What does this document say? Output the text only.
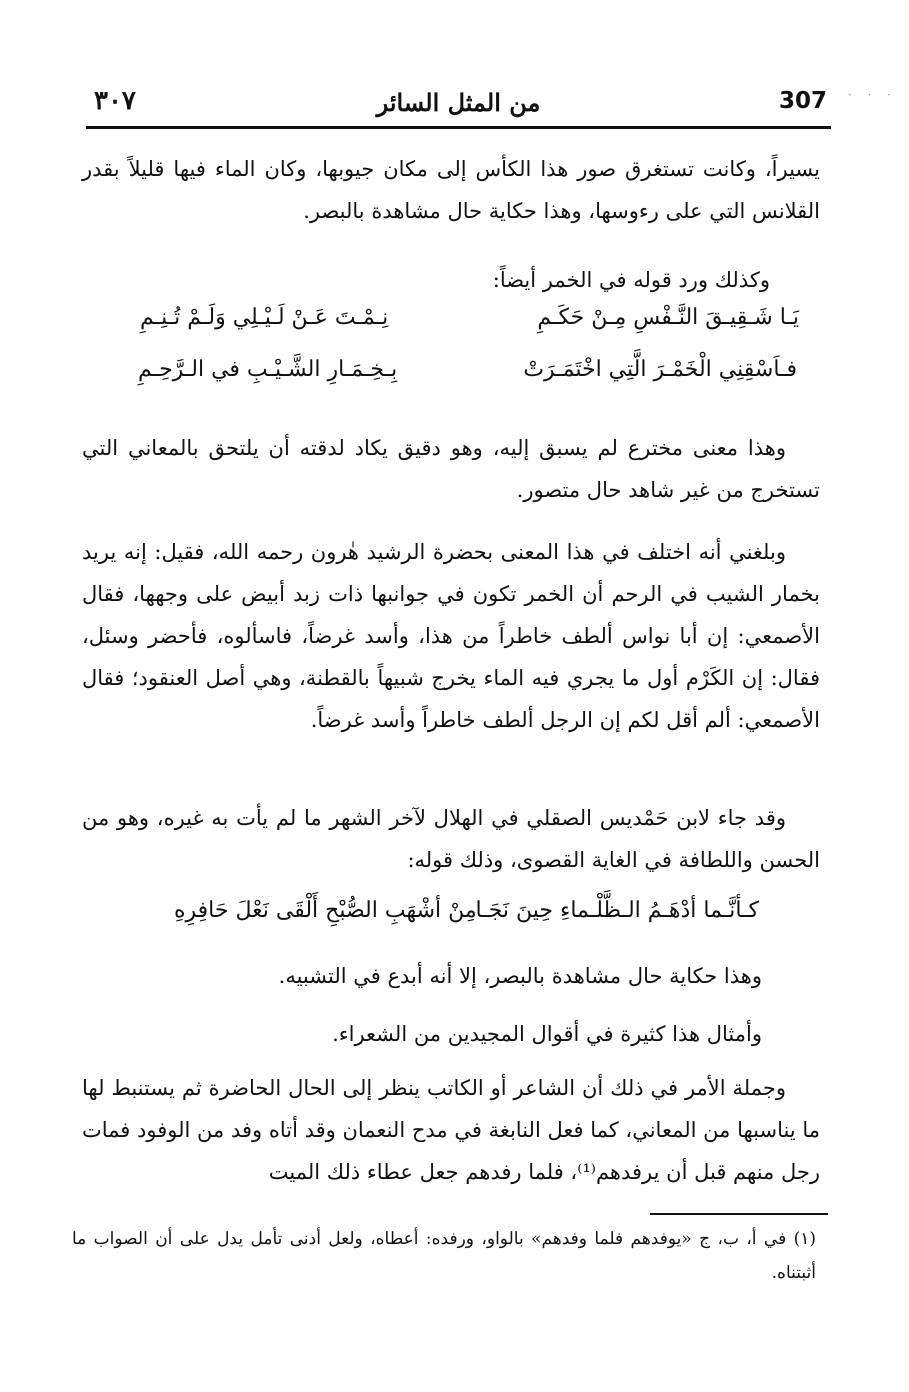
· · ·
٣٠٧	من المثل السائر	307

يسيراً، وكانت تستغرق صور هذا الكأس إلى مكان جيوبها، وكان الماء فيها قليلاً بقدر القلانس التي على رءوسها، وهذا حكاية حال مشاهدة بالبصر.

وكذلك ورد قوله في الخمر أيضاً:

يَـا شَـقِيـقَ النَّـفْسِ مِـنْ حَكَـمِ
نِـمْـتَ عَـنْ لَـيْـلِي وَلَـمْ تُـنِـمِ
فـاَسْقِنِي الْخَمْـرَ الَّتِي اخْتَمَـرَتْ
بِـخِـمَـارِ الشَّـيْـبِ في الـرَّحِـمِ

وهذا معنى مخترع لم يسبق إليه، وهو دقيق يكاد لدقته أن يلتحق بالمعاني التي تستخرج من غير شاهد حال متصور.

وبلغني أنه اختلف في هذا المعنى بحضرة الرشيد هٰرون رحمه الله، فقيل: إنه يريد بخمار الشيب في الرحم أن الخمر تكون في جوانبها ذات زبد أبيض على وجهها، فقال الأصمعي: إن أبا نواس ألطف خاطراً من هذا، وأسد غرضاً، فاسألوه، فأحضر وسئل، فقال: إن الكَرْم أول ما يجري فيه الماء يخرج شبيهاً بالقطنة، وهي أصل العنقود؛ فقال الأصمعي: ألم أقل لكم إن الرجل ألطف خاطراً وأسد غرضاً.

وقد جاء لابن حَمْديس الصقلي في الهلال لآخر الشهر ما لم يأت به غيره، وهو من الحسن واللطافة في الغاية القصوى، وذلك قوله:

كـأنَّـما أدْهَـمُ الـظَّلْـماءِ حِينَ نَجَـا
مِنْ أشْهَبِ الصُّبْحِ أَلْقَى نَعْلَ حَافِرِهِ

وهذا حكاية حال مشاهدة بالبصر، إلا أنه أبدع في التشبيه.

وأمثال هذا كثيرة في أقوال المجيدين من الشعراء.

وجملة الأمر في ذلك أن الشاعر أو الكاتب ينظر إلى الحال الحاضرة ثم يستنبط لها ما يناسبها من المعاني، كما فعل النابغة في مدح النعمان وقد أتاه وفد من الوفود فمات رجل منهم قبل أن يرفدهم⁽¹⁾، فلما رفدهم جعل عطاء ذلك الميت

(١) في أ، ب، ج «يوفدهم فلما وفدهم» بالواو، ورفده: أعطاه، ولعل أدنى تأمل يدل على أن الصواب ما أثبتناه.
